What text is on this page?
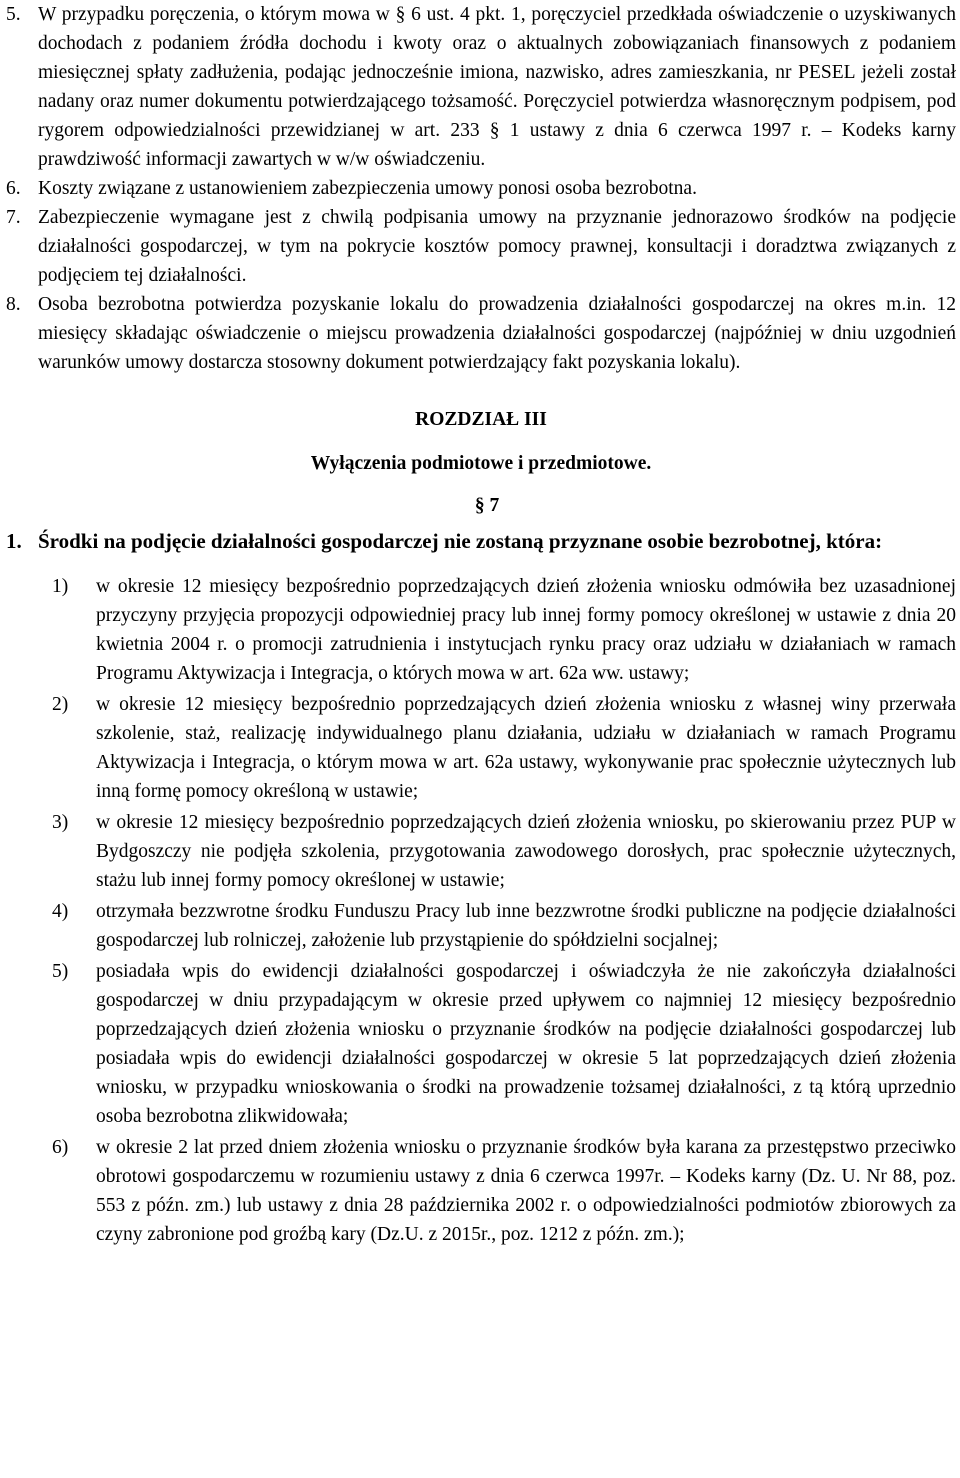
5. W przypadku poręczenia, o którym mowa w § 6 ust. 4 pkt. 1, poręczyciel przedkłada oświadczenie o uzyskiwanych dochodach z podaniem źródła dochodu i kwoty oraz o aktualnych zobowiązaniach finansowych z podaniem miesięcznej spłaty zadłużenia, podając jednocześnie imiona, nazwisko, adres zamieszkania, nr PESEL jeżeli został nadany oraz numer dokumentu potwierdzającego tożsamość. Poręczyciel potwierdza własnoręcznym podpisem, pod rygorem odpowiedzialności przewidzianej w art. 233 § 1 ustawy z dnia 6 czerwca 1997 r. – Kodeks karny prawdziwość informacji zawartych w w/w oświadczeniu.
6. Koszty związane z ustanowieniem zabezpieczenia umowy ponosi osoba bezrobotna.
7. Zabezpieczenie wymagane jest z chwilą podpisania umowy na przyznanie jednorazowo środków na podjęcie działalności gospodarczej, w tym na pokrycie kosztów pomocy prawnej, konsultacji i doradztwa związanych z podjęciem tej działalności.
8. Osoba bezrobotna potwierdza pozyskanie lokalu do prowadzenia działalności gospodarczej na okres m.in. 12 miesięcy składając oświadczenie o miejscu prowadzenia działalności gospodarczej (najpóźniej w dniu uzgodnień warunków umowy dostarcza stosowny dokument potwierdzający fakt pozyskania lokalu).
ROZDZIAŁ III
Wyłączenia podmiotowe i przedmiotowe.
§ 7
1. Środki na podjęcie działalności gospodarczej nie zostaną przyznane osobie bezrobotnej, która:
1)	w okresie 12 miesięcy bezpośrednio poprzedzających dzień złożenia wniosku odmówiła bez uzasadnionej przyczyny przyjęcia propozycji odpowiedniej pracy lub innej formy pomocy określonej w ustawie z dnia 20 kwietnia 2004 r. o promocji zatrudnienia i instytucjach rynku pracy oraz udziału w działaniach w ramach Programu Aktywizacja i Integracja, o których mowa w art. 62a ww. ustawy;
2)	w okresie 12 miesięcy bezpośrednio poprzedzających dzień złożenia wniosku z własnej winy przerwała szkolenie, staż, realizację indywidualnego planu działania, udziału w działaniach w ramach Programu Aktywizacja i Integracja, o którym mowa w art. 62a ustawy, wykonywanie prac społecznie użytecznych lub inną formę pomocy określoną w ustawie;
3)	w okresie 12 miesięcy bezpośrednio poprzedzających dzień złożenia wniosku, po skierowaniu przez PUP w Bydgoszczy nie podjęła szkolenia, przygotowania zawodowego dorosłych, prac społecznie użytecznych, stażu lub innej formy pomocy określonej w ustawie;
4)	otrzymała bezzwrotne środku Funduszu Pracy lub inne bezzwrotne środki publiczne na podjęcie działalności gospodarczej lub rolniczej, założenie lub przystąpienie do spółdzielni socjalnej;
5)	posiadała wpis do ewidencji działalności gospodarczej i oświadczyła że nie zakończyła działalności gospodarczej w dniu przypadającym w okresie przed upływem co najmniej 12 miesięcy bezpośrednio poprzedzających dzień złożenia wniosku o przyznanie środków na podjęcie działalności gospodarczej lub posiadała wpis do ewidencji działalności gospodarczej w okresie 5 lat poprzedzających dzień złożenia wniosku, w przypadku wnioskowania o środki na prowadzenie tożsamej działalności, z tą którą uprzednio osoba bezrobotna zlikwidowała;
6)	w okresie 2 lat przed dniem złożenia wniosku o przyznanie środków była karana za przestępstwo przeciwko obrotowi gospodarczemu w rozumieniu ustawy z dnia 6 czerwca 1997r. – Kodeks karny (Dz. U. Nr 88, poz. 553 z późn. zm.) lub ustawy z dnia 28 października 2002 r. o odpowiedzialności podmiotów zbiorowych za czyny zabronione pod groźbą kary (Dz.U. z 2015r., poz. 1212 z późn. zm.);
